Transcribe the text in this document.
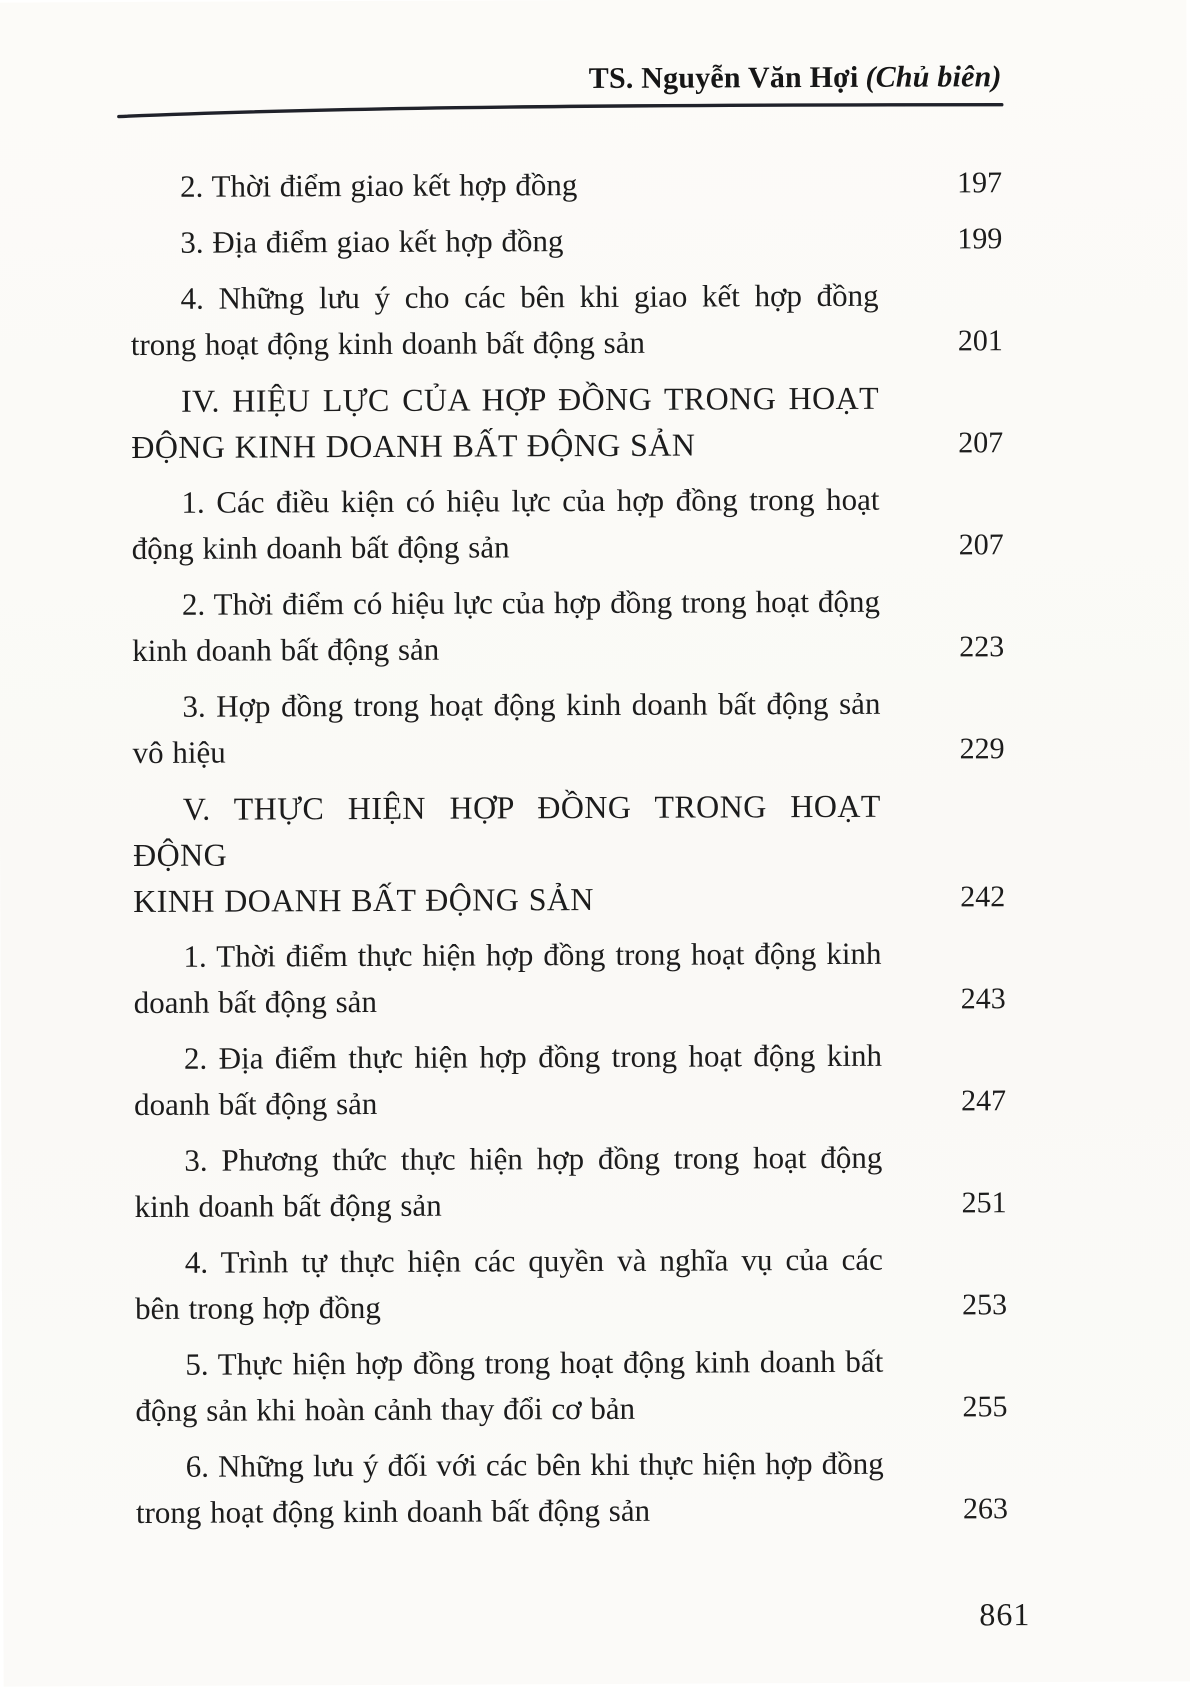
TS. Nguyễn Văn Hợi (Chủ biên)
2. Thời điểm giao kết hợp đồng	197
3. Địa điểm giao kết hợp đồng	199
4. Những lưu ý cho các bên khi giao kết hợp đồng
trong hoạt động kinh doanh bất động sản	201
IV. HIỆU LỰC CỦA HỢP ĐỒNG TRONG HOẠT
ĐỘNG KINH DOANH BẤT ĐỘNG SẢN	207
1. Các điều kiện có hiệu lực của hợp đồng trong hoạt
động kinh doanh bất động sản	207
2. Thời điểm có hiệu lực của hợp đồng trong hoạt động
kinh doanh bất động sản	223
3. Hợp đồng trong hoạt động kinh doanh bất động sản
vô hiệu	229
V. THỰC HIỆN HỢP ĐỒNG TRONG HOẠT ĐỘNG
KINH DOANH BẤT ĐỘNG SẢN	242
1. Thời điểm thực hiện hợp đồng trong hoạt động kinh
doanh bất động sản	243
2. Địa điểm thực hiện hợp đồng trong hoạt động kinh
doanh bất động sản	247
3. Phương thức thực hiện hợp đồng trong hoạt động
kinh doanh bất động sản	251
4. Trình tự thực hiện các quyền và nghĩa vụ của các
bên trong hợp đồng	253
5. Thực hiện hợp đồng trong hoạt động kinh doanh bất
động sản khi hoàn cảnh thay đổi cơ bản	255
6. Những lưu ý đối với các bên khi thực hiện hợp đồng
trong hoạt động kinh doanh bất động sản	263
861
